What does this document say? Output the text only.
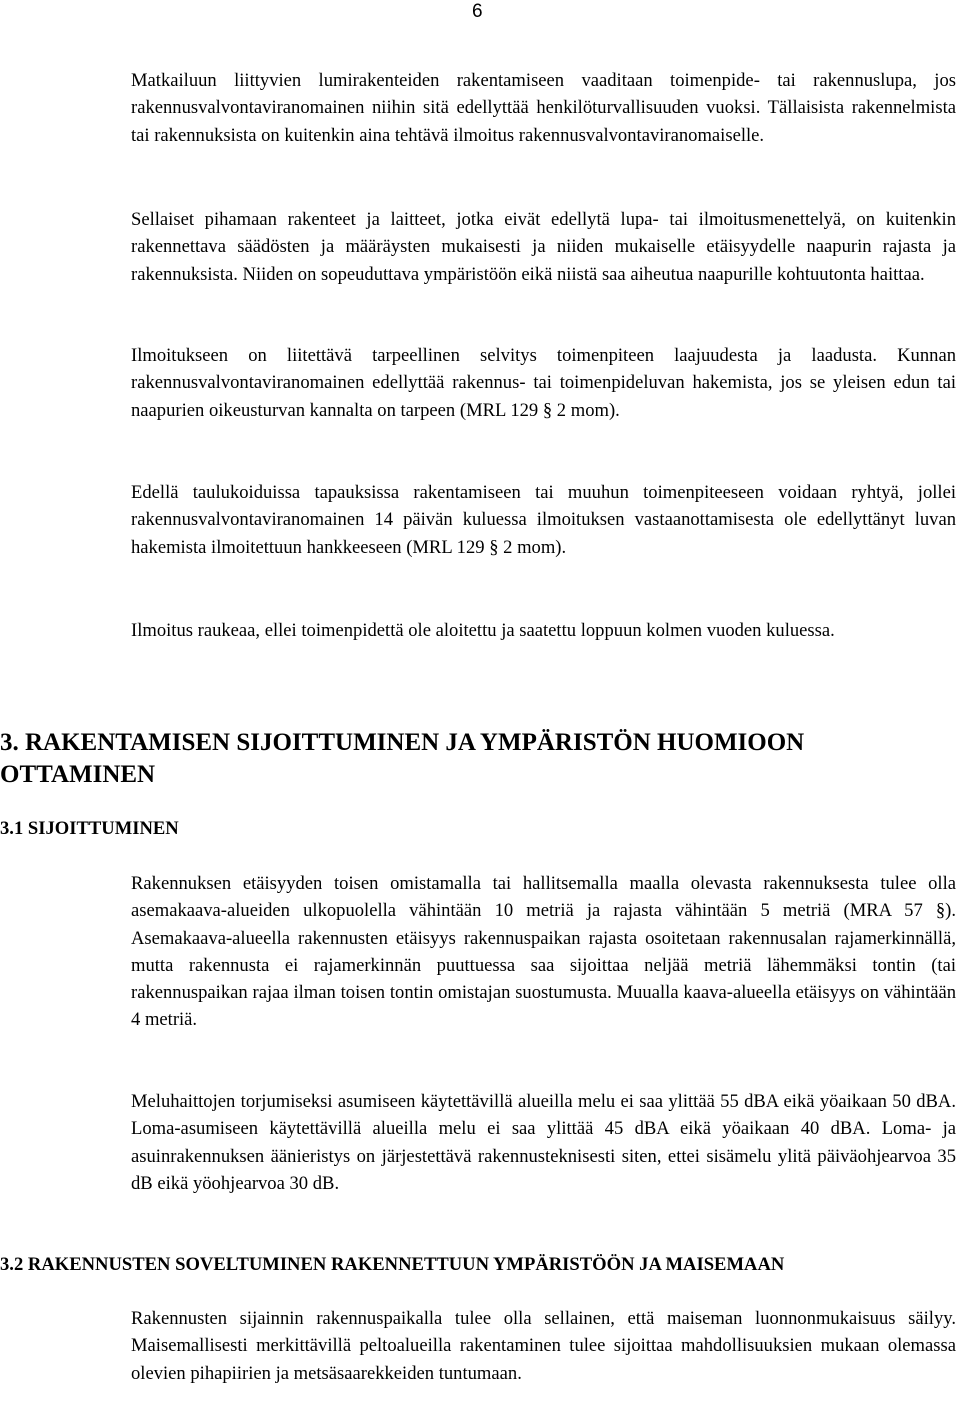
6

Matkailuun liittyvien lumirakenteiden rakentamiseen vaaditaan toimenpide- tai rakennuslupa, jos rakennusvalvontaviranomainen niihin sitä edellyttää henkilöturvallisuuden vuoksi. Tällaisista rakennelmista tai rakennuksista on kuitenkin aina tehtävä ilmoitus rakennusvalvontaviranomaiselle.

Sellaiset pihamaan rakenteet ja laitteet, jotka eivät edellytä lupa- tai ilmoitusmenettelyä, on kuitenkin rakennettava säädösten ja määräysten mukaisesti ja niiden mukaiselle etäisyydelle naapurin rajasta ja rakennuksista. Niiden on sopeuduttava ympäristöön eikä niistä saa aiheutua naapurille kohtuutonta haittaa.

Ilmoitukseen on liitettävä tarpeellinen selvitys toimenpiteen laajuudesta ja laadusta. Kunnan rakennusvalvontaviranomainen edellyttää rakennus- tai toimenpideluvan hakemista, jos se yleisen edun tai naapurien oikeusturvan kannalta on tarpeen (MRL 129 § 2 mom).

Edellä taulukoiduissa tapauksissa rakentamiseen tai muuhun toimenpiteeseen voidaan ryhtyä, jollei rakennusvalvontaviranomainen 14 päivän kuluessa ilmoituksen vastaanottamisesta ole edellyttänyt luvan hakemista ilmoitettuun hankkeeseen (MRL 129 § 2 mom).

Ilmoitus raukeaa, ellei toimenpidettä ole aloitettu ja saatettu loppuun kolmen vuoden kuluessa.

3. RAKENTAMISEN SIJOITTUMINEN JA YMPÄRISTÖN HUOMIOON OTTAMINEN
3.1 SIJOITTUMINEN

Rakennuksen etäisyyden toisen omistamalla tai hallitsemalla maalla olevasta rakennuksesta tulee olla asemakaava-alueiden ulkopuolella vähintään 10 metriä ja rajasta vähintään 5 metriä (MRA 57 §). Asemakaava-alueella rakennusten etäisyys rakennuspaikan rajasta osoitetaan rakennusalan rajamerkinnällä, mutta rakennusta ei rajamerkinnän puuttuessa saa sijoittaa neljää metriä lähemmäksi tontin (tai rakennuspaikan rajaa ilman toisen tontin omistajan suostumusta. Muualla kaava-alueella etäisyys on vähintään 4 metriä.

Meluhaittojen torjumiseksi asumiseen käytettävillä alueilla melu ei saa ylittää 55 dBA eikä yöaikaan 50 dBA. Loma-asumiseen käytettävillä alueilla melu ei saa ylittää 45 dBA eikä yöaikaan 40 dBA. Loma- ja asuinrakennuksen äänieristys on järjestettävä rakennusteknisesti siten, ettei sisämelu ylitä päiväohjearvoa 35 dB eikä yöohjearvoa 30 dB.

3.2 RAKENNUSTEN SOVELTUMINEN RAKENNETTUUN YMPÄRISTÖÖN JA MAISEMAAN

Rakennusten sijainnin rakennuspaikalla tulee olla sellainen, että maiseman luonnonmukaisuus säilyy. Maisemallisesti merkittävillä peltoalueilla rakentaminen tulee sijoittaa mahdollisuuksien mukaan olemassa olevien pihapiirien ja metsäsaarekkeiden tuntumaan.
